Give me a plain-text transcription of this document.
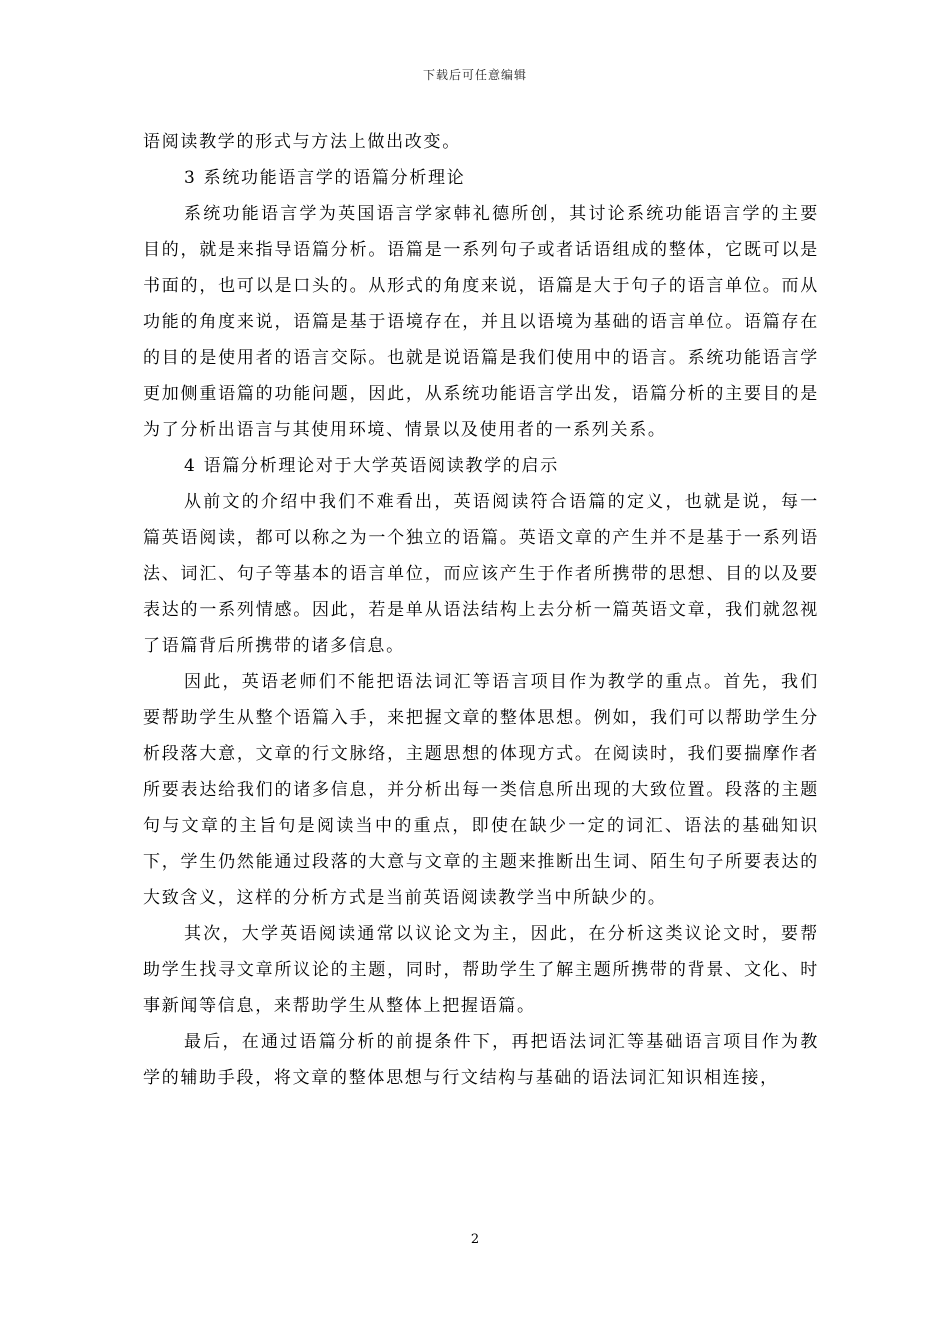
下载后可任意编辑

语阅读教学的形式与方法上做出改变。

3 系统功能语言学的语篇分析理论

系统功能语言学为英国语言学家韩礼德所创，其讨论系统功能语言学的主要目的，就是来指导语篇分析。语篇是一系列句子或者话语组成的整体，它既可以是书面的，也可以是口头的。从形式的角度来说，语篇是大于句子的语言单位。而从功能的角度来说，语篇是基于语境存在，并且以语境为基础的语言单位。语篇存在的目的是使用者的语言交际。也就是说语篇是我们使用中的语言。系统功能语言学更加侧重语篇的功能问题，因此，从系统功能语言学出发，语篇分析的主要目的是为了分析出语言与其使用环境、情景以及使用者的一系列关系。

4 语篇分析理论对于大学英语阅读教学的启示

从前文的介绍中我们不难看出，英语阅读符合语篇的定义，也就是说，每一篇英语阅读，都可以称之为一个独立的语篇。英语文章的产生并不是基于一系列语法、词汇、句子等基本的语言单位，而应该产生于作者所携带的思想、目的以及要表达的一系列情感。因此，若是单从语法结构上去分析一篇英语文章，我们就忽视了语篇背后所携带的诸多信息。

因此，英语老师们不能把语法词汇等语言项目作为教学的重点。首先，我们要帮助学生从整个语篇入手，来把握文章的整体思想。例如，我们可以帮助学生分析段落大意，文章的行文脉络，主题思想的体现方式。在阅读时，我们要揣摩作者所要表达给我们的诸多信息，并分析出每一类信息所出现的大致位置。段落的主题句与文章的主旨句是阅读当中的重点，即使在缺少一定的词汇、语法的基础知识下，学生仍然能通过段落的大意与文章的主题来推断出生词、陌生句子所要表达的大致含义，这样的分析方式是当前英语阅读教学当中所缺少的。

其次，大学英语阅读通常以议论文为主，因此，在分析这类议论文时，要帮助学生找寻文章所议论的主题，同时，帮助学生了解主题所携带的背景、文化、时事新闻等信息，来帮助学生从整体上把握语篇。

最后，在通过语篇分析的前提条件下，再把语法词汇等基础语言项目作为教学的辅助手段，将文章的整体思想与行文结构与基础的语法词汇知识相连接，

2
